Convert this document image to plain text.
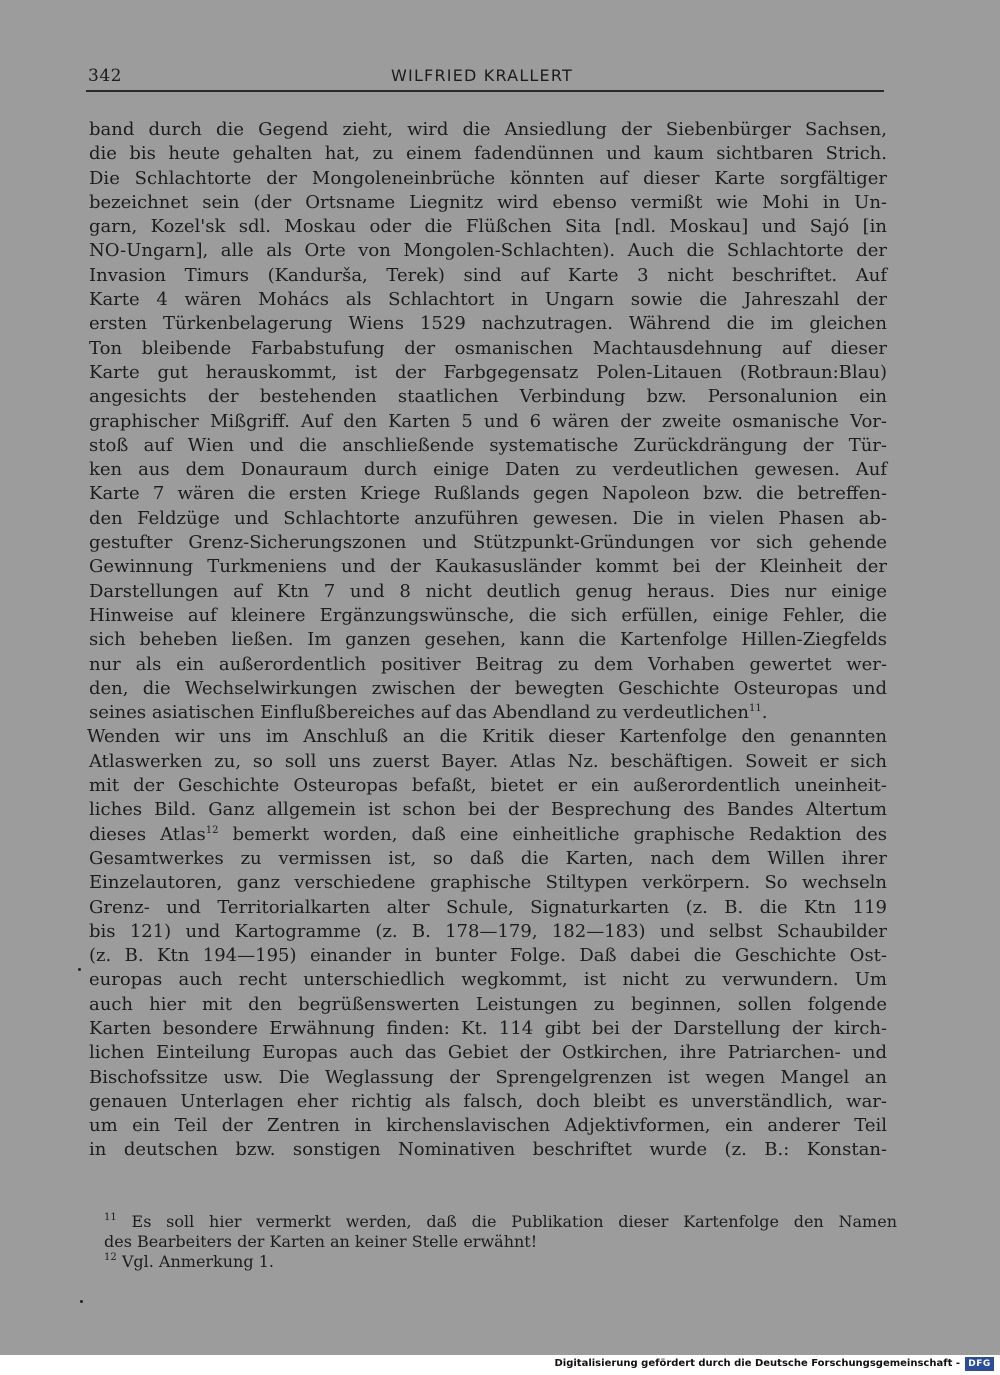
342	WILFRIED KRALLERT
band durch die Gegend zieht, wird die Ansiedlung der Siebenbürger Sachsen,
die bis heute gehalten hat, zu einem fadendünnen und kaum sichtbaren Strich.
Die Schlachtorte der Mongoleneinbrüche könnten auf dieser Karte sorgfältiger
bezeichnet sein (der Ortsname Liegnitz wird ebenso vermißt wie Mohi in Un-
garn, Kozel'sk sdl. Moskau oder die Flüßchen Sita [ndl. Moskau] und Sajó [in
NO-Ungarn], alle als Orte von Mongolen-Schlachten). Auch die Schlachtorte der
Invasion Timurs (Kandurša, Terek) sind auf Karte 3 nicht beschriftet. Auf
Karte 4 wären Mohács als Schlachtort in Ungarn sowie die Jahreszahl der
ersten Türkenbelagerung Wiens 1529 nachzutragen. Während die im gleichen
Ton bleibende Farbabstufung der osmanischen Machtausdehnung auf dieser
Karte gut herauskommt, ist der Farbgegensatz Polen-Litauen (Rotbraun:Blau)
angesichts der bestehenden staatlichen Verbindung bzw. Personalunion ein
graphischer Mißgriff. Auf den Karten 5 und 6 wären der zweite osmanische Vor-
stoß auf Wien und die anschließende systematische Zurückdrängung der Tür-
ken aus dem Donauraum durch einige Daten zu verdeutlichen gewesen. Auf
Karte 7 wären die ersten Kriege Rußlands gegen Napoleon bzw. die betreffen-
den Feldzüge und Schlachtorte anzuführen gewesen. Die in vielen Phasen ab-
gestufter Grenz-Sicherungszonen und Stützpunkt-Gründungen vor sich gehende
Gewinnung Turkmeniens und der Kaukasusländer kommt bei der Kleinheit der
Darstellungen auf Ktn 7 und 8 nicht deutlich genug heraus. Dies nur einige
Hinweise auf kleinere Ergänzungswünsche, die sich erfüllen, einige Fehler, die
sich beheben ließen. Im ganzen gesehen, kann die Kartenfolge Hillen-Ziegfelds
nur als ein außerordentlich positiver Beitrag zu dem Vorhaben gewertet wer-
den, die Wechselwirkungen zwischen der bewegten Geschichte Osteuropas und
seines asiatischen Einflußbereiches auf das Abendland zu verdeutlichen$^{11}$.
Wenden wir uns im Anschluß an die Kritik dieser Kartenfolge den genannten
Atlaswerken zu, so soll uns zuerst Bayer. Atlas Nz. beschäftigen. Soweit er sich
mit der Geschichte Osteuropas befaßt, bietet er ein außerordentlich uneinheit-
liches Bild. Ganz allgemein ist schon bei der Besprechung des Bandes Altertum
dieses Atlas$^{12}$ bemerkt worden, daß eine einheitliche graphische Redaktion des
Gesamtwerkes zu vermissen ist, so daß die Karten, nach dem Willen ihrer
Einzelautoren, ganz verschiedene graphische Stiltypen verkörpern. So wechseln
Grenz- und Territorialkarten alter Schule, Signaturkarten (z. B. die Ktn 119
bis 121) und Kartogramme (z. B. 178—179, 182—183) und selbst Schaubilder
(z. B. Ktn 194—195) einander in bunter Folge. Daß dabei die Geschichte Ost-
europas auch recht unterschiedlich wegkommt, ist nicht zu verwundern. Um
auch hier mit den begrüßenswerten Leistungen zu beginnen, sollen folgende
Karten besondere Erwähnung finden: Kt. 114 gibt bei der Darstellung der kirch-
lichen Einteilung Europas auch das Gebiet der Ostkirchen, ihre Patriarchen- und
Bischofssitze usw. Die Weglassung der Sprengelgrenzen ist wegen Mangel an
genauen Unterlagen eher richtig als falsch, doch bleibt es unverständlich, war-
um ein Teil der Zentren in kirchenslavischen Adjektivformen, ein anderer Teil
in deutschen bzw. sonstigen Nominativen beschriftet wurde (z. B.: Konstan-
$^{11}$ Es soll hier vermerkt werden, daß die Publikation dieser Kartenfolge den Namen
des Bearbeiters der Karten an keiner Stelle erwähnt!
$^{12}$ Vgl. Anmerkung 1.
Digitalisierung gefördert durch die Deutsche Forschungsgemeinschaft - DFG
